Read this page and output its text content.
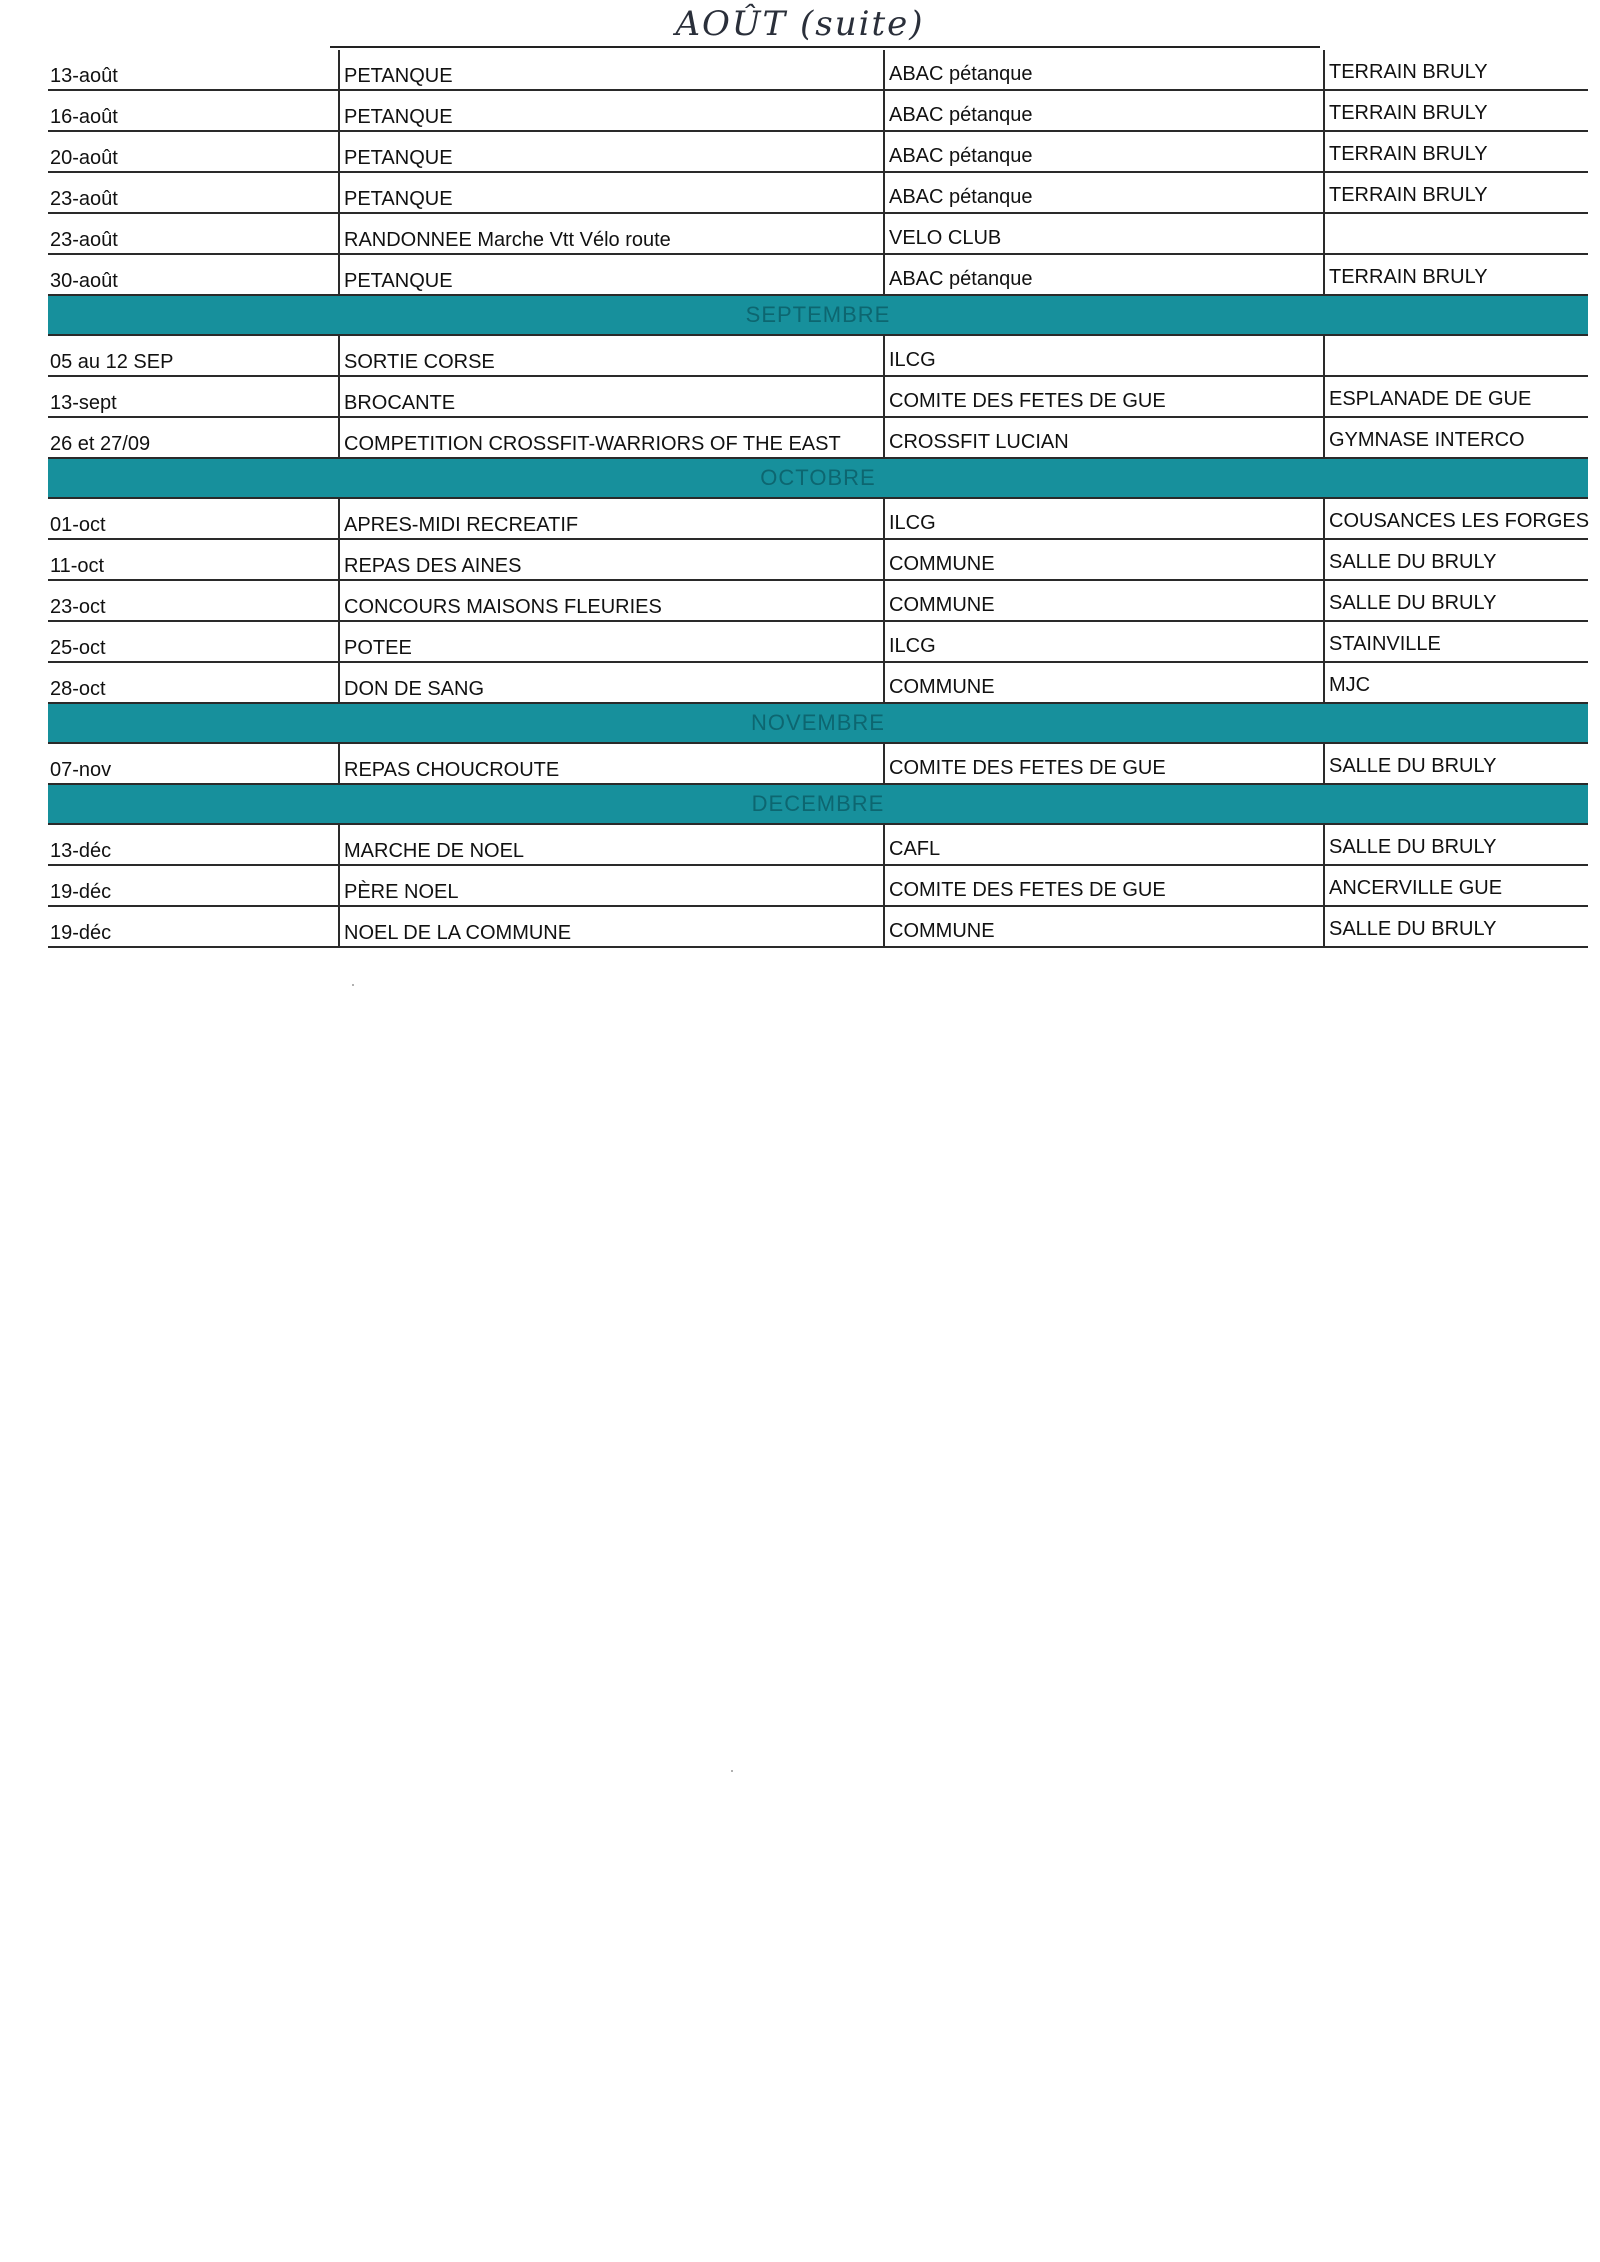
AOÛT (suite)
13-août	PETANQUE	ABAC pétanque	TERRAIN BRULY
16-août	PETANQUE	ABAC pétanque	TERRAIN BRULY
20-août	PETANQUE	ABAC pétanque	TERRAIN BRULY
23-août	PETANQUE	ABAC pétanque	TERRAIN BRULY
23-août	RANDONNEE Marche Vtt Vélo route	VELO CLUB
30-août	PETANQUE	ABAC pétanque	TERRAIN BRULY
SEPTEMBRE
05 au 12 SEP	SORTIE CORSE	ILCG
13-sept	BROCANTE	COMITE DES FETES DE GUE	ESPLANADE DE GUE
26 et 27/09	COMPETITION CROSSFIT-WARRIORS OF THE EAST	CROSSFIT LUCIAN	GYMNASE INTERCO
OCTOBRE
01-oct	APRES-MIDI RECREATIF	ILCG	COUSANCES LES FORGES
11-oct	REPAS DES AINES	COMMUNE	SALLE DU BRULY
23-oct	CONCOURS MAISONS FLEURIES	COMMUNE	SALLE DU BRULY
25-oct	POTEE	ILCG	STAINVILLE
28-oct	DON DE SANG	COMMUNE	MJC
NOVEMBRE
07-nov	REPAS CHOUCROUTE	COMITE DES FETES DE GUE	SALLE DU BRULY
DECEMBRE
13-déc	MARCHE DE NOEL	CAFL	SALLE DU BRULY
19-déc	PÈRE NOEL	COMITE DES FETES DE GUE	ANCERVILLE GUE
19-déc	NOEL DE LA COMMUNE	COMMUNE	SALLE DU BRULY
